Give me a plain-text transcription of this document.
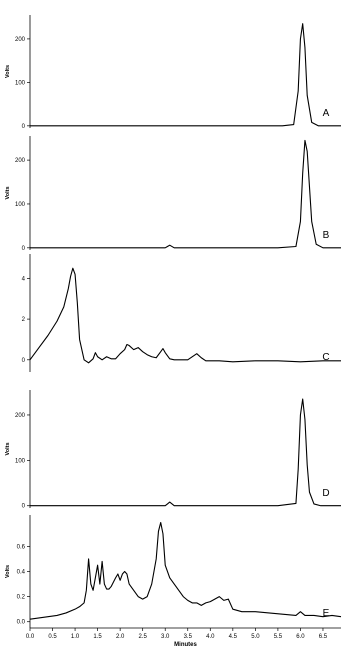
0
100
200
Volts
A
0
100
200
Volts
B
0
2
4
C
0
100
200
Volts
D
0.0
0.2
0.4
0.6
Volts
E
0.0 0.5 1.0 1.5 2.0 2.5 3.0 3.5 4.0 4.5 5.0 5.5 6.0 6.5
Minutes
